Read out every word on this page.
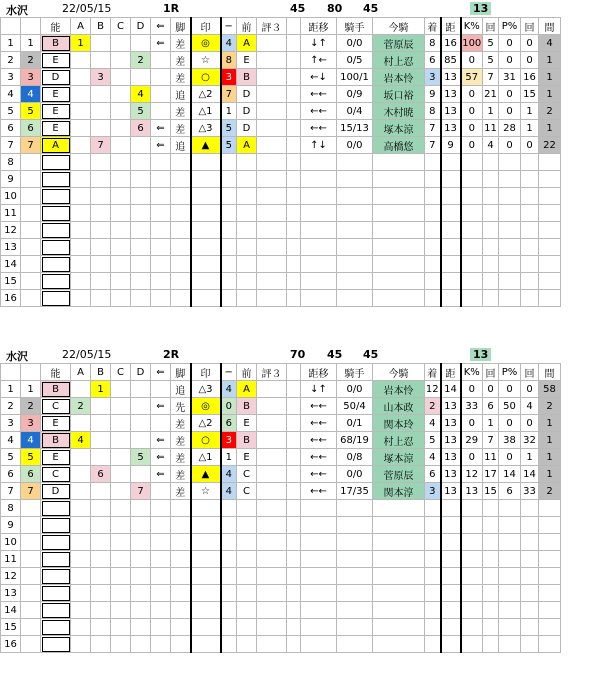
水沢	22/05/15	1R	45 80 45	13
		能	A	B	C	D	⇐	脚	印	−	前	評３		距移	騎手	今騎	着	距	K%	回	P%	回	間
1	1	B	1				⇐	差	◎	4	A			↓↑	0/0	菅原辰	8	16	100	5	0	0	4
2	2	E				2		差	☆	8	E			↑←	0/5	村上忍	6	85	0	5	0	0	1
3	3	D		3				差	○	3	B			←↓	100/1	岩本怜	3	13	57	7	31	16	1
4	4	E				4		追	△2	7	D			←←	0/9	坂口裕	9	13	0	21	0	15	1
5	5	E				5		差	△1	1	D			←←	0/4	木村暁	8	13	0	1	0	1	2
6	6	E				6	⇐	差	△3	5	D			←←	15/13	塚本涼	7	13	0	11	28	1	1
7	7	A		7			⇐	追	▲	5	A			↑↓	0/0	高橋悠	7	9	0	4	0	0	22
8																							
9																							
10																							
11																							
12																							
13																							
14																							
15																							
16																							
水沢	22/05/15	2R	70 45 45	13
		能	A	B	C	D	⇐	脚	印	−	前	評３		距移	騎手	今騎	着	距	K%	回	P%	回	間
1	1	B		1				追	△3	4	A			↓↑	0/0	岩本怜	12	14	0	0	0	0	58
2	2	C	2				⇐	先	◎	0	B			←←	50/4	山本政	2	13	33	6	50	4	2
3	3	E						差	△2	6	E			←←	0/1	関本玲	4	13	0	1	0	0	1
4	4	B	4				⇐	差	○	3	B			←←	68/19	村上忍	5	13	29	7	38	32	1
5	5	E				5	⇐	差	△1	1	E			←←	0/8	塚本涼	4	13	0	11	0	1	1
6	6	C		6			⇐	差	▲	4	C			←←	0/0	菅原辰	6	13	12	17	14	14	1
7	7	D				7		差	☆	4	C			←←	17/35	関本淳	3	13	13	15	6	33	2
8																							
9																							
10																							
11																							
12																							
13																							
14																							
15																							
16																							
